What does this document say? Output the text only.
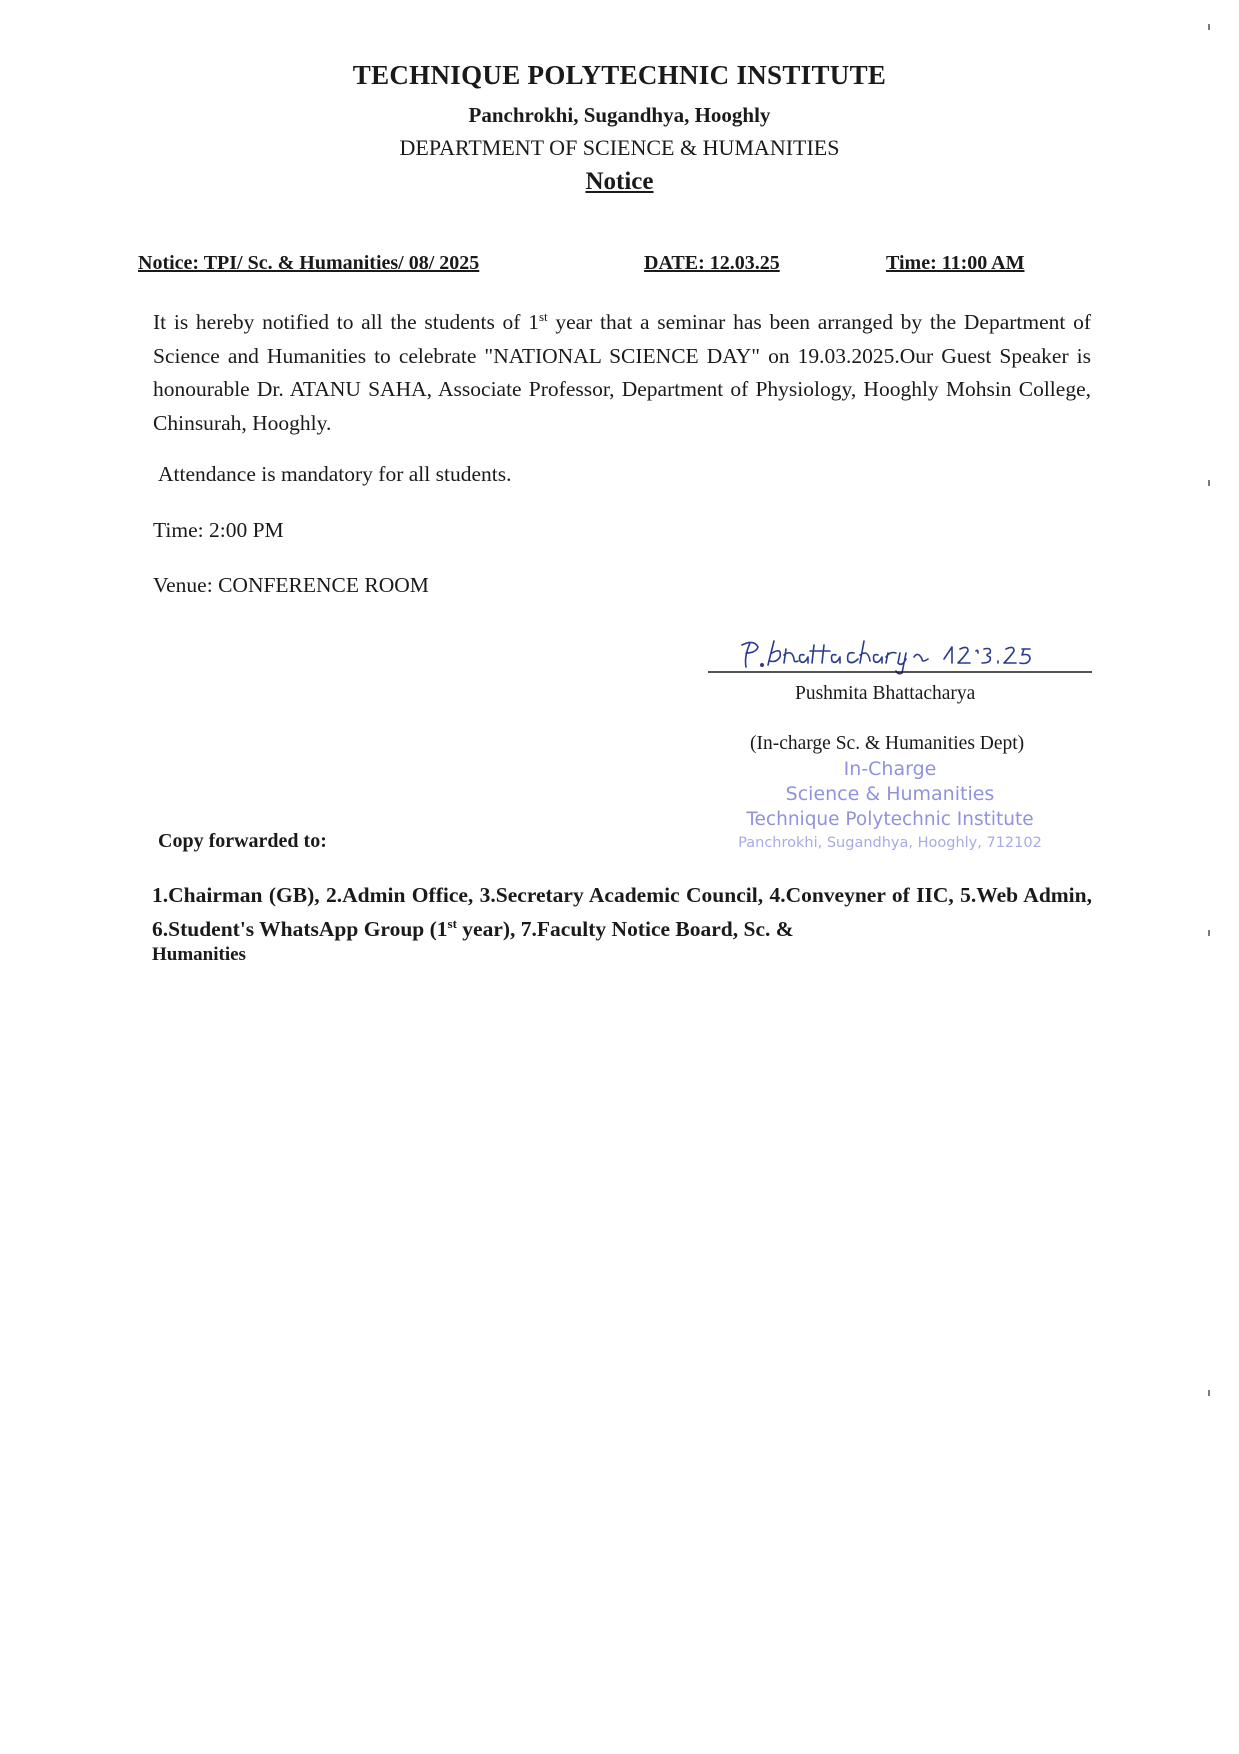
TECHNIQUE POLYTECHNIC INSTITUTE
Panchrokhi, Sugandhya, Hooghly
DEPARTMENT OF SCIENCE & HUMANITIES
Notice
Notice: TPI/ Sc. & Humanities/ 08/ 2025	DATE: 12.03.25	Time: 11:00 AM
It is hereby notified to all the students of 1st year that a seminar has been arranged by the Department of Science and Humanities to celebrate "NATIONAL SCIENCE DAY" on 19.03.2025.Our Guest Speaker is honourable Dr. ATANU SAHA, Associate Professor, Department of Physiology, Hooghly Mohsin College, Chinsurah, Hooghly.
Attendance is mandatory for all students.
Time: 2:00 PM
Venue: CONFERENCE ROOM
Pushmita Bhattacharya
(In-charge Sc. & Humanities Dept)
In-Charge
Science & Humanities
Technique Polytechnic Institute
Panchrokhi, Sugandhya, Hooghly, 712102
Copy forwarded to:
1.Chairman (GB), 2.Admin Office, 3.Secretary Academic Council, 4.Conveyner of IIC, 5.Web Admin, 6.Student's WhatsApp Group (1st year), 7.Faculty Notice Board, Sc. &
Humanities
